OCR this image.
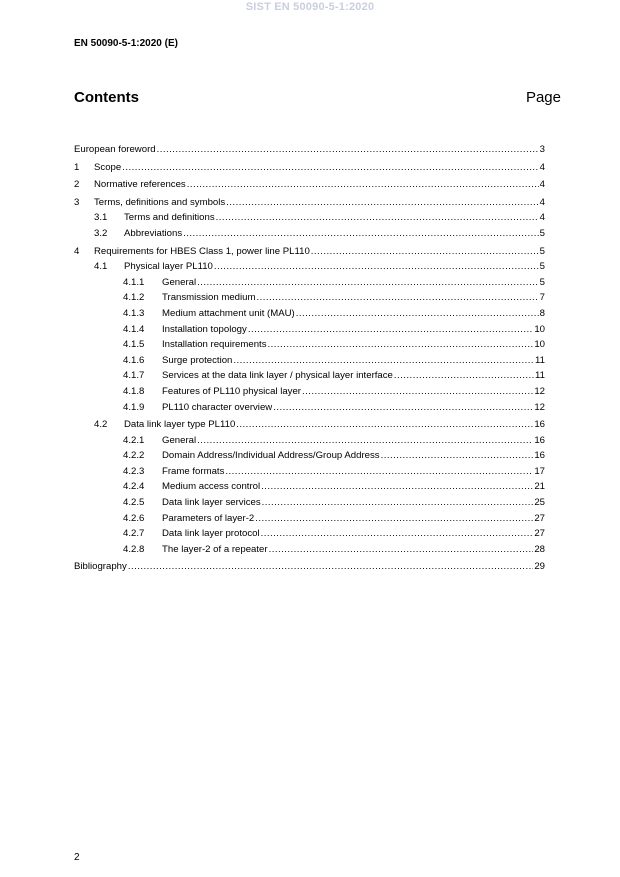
SIST EN 50090-5-1:2020
EN 50090-5-1:2020 (E)
Contents	Page
European foreword . . .	3
1	Scope . . .	4
2	Normative references . . .	4
3	Terms, definitions and symbols . . .	4
3.1	Terms and definitions . . .	4
3.2	Abbreviations . . .	5
4	Requirements for HBES Class 1, power line PL110 . . .	5
4.1	Physical layer PL110 . . .	5
4.1.1	General . . .	5
4.1.2	Transmission medium . . .	7
4.1.3	Medium attachment unit (MAU) . . .	8
4.1.4	Installation topology . . .	10
4.1.5	Installation requirements . . .	10
4.1.6	Surge protection . . .	11
4.1.7	Services at the data link layer / physical layer interface . . .	11
4.1.8	Features of PL110 physical layer . . .	12
4.1.9	PL110 character overview . . .	12
4.2	Data link layer type PL110 . . .	16
4.2.1	General . . .	16
4.2.2	Domain Address/Individual Address/Group Address . . .	16
4.2.3	Frame formats . . .	17
4.2.4	Medium access control . . .	21
4.2.5	Data link layer services . . .	25
4.2.6	Parameters of layer-2 . . .	27
4.2.7	Data link layer protocol . . .	27
4.2.8	The layer-2 of a repeater . . .	28
Bibliography . . .	29
2
